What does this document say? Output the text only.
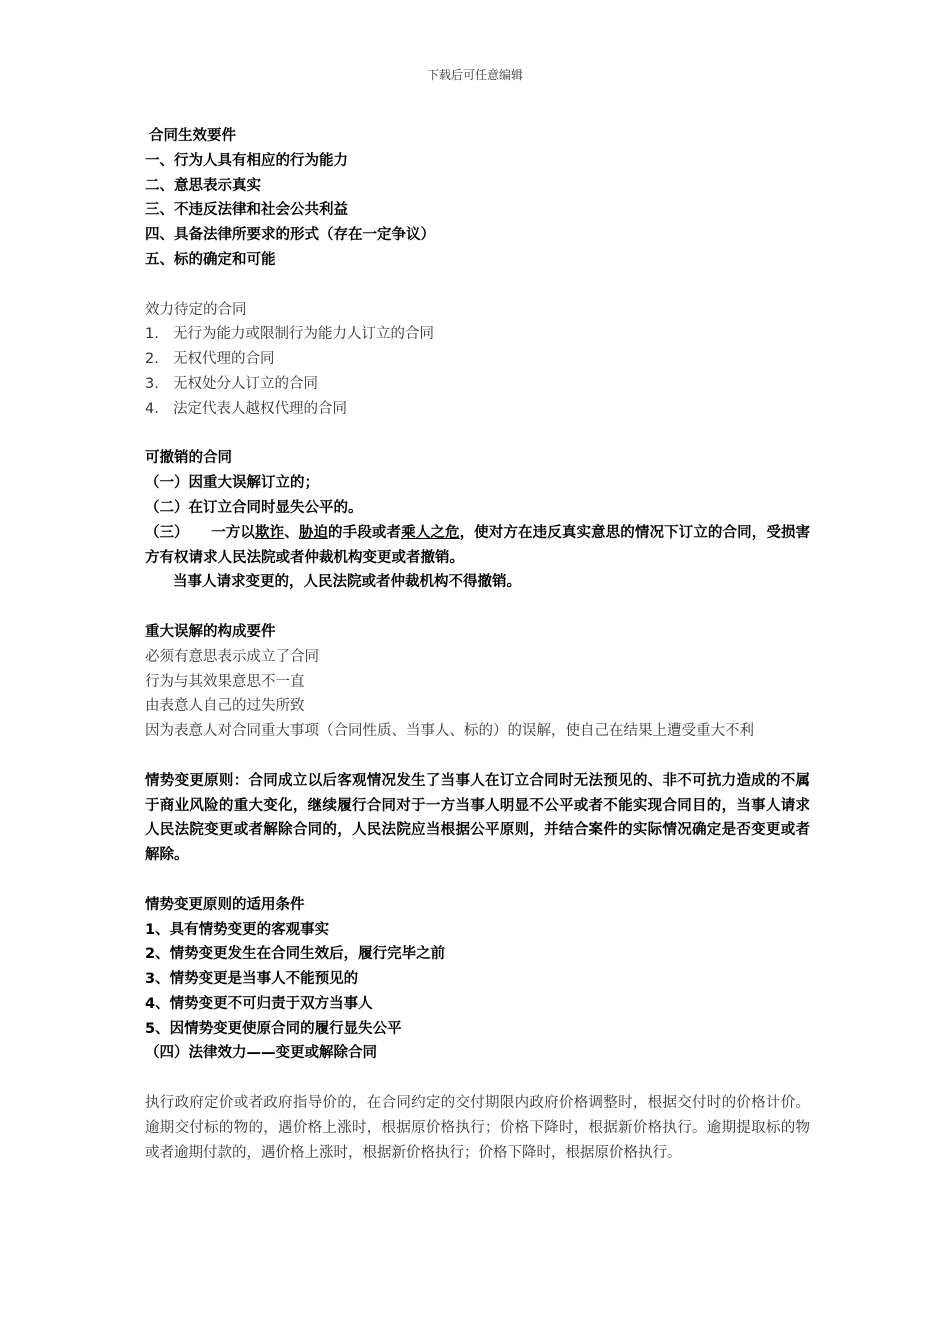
下载后可任意编辑
合同生效要件
一、行为人具有相应的行为能力
二、意思表示真实
三、不违反法律和社会公共利益
四、具备法律所要求的形式（存在一定争议）
五、标的确定和可能
效力待定的合同
1. 无行为能力或限制行为能力人订立的合同
2. 无权代理的合同
3. 无权处分人订立的合同
4. 法定代表人越权代理的合同
可撤销的合同
（一）因重大误解订立的；
（二）在订立合同时显失公平的。
（三） 一方以欺诈、胁迫的手段或者乘人之危，使对方在违反真实意思的情况下订立的合同，受损害方有权请求人民法院或者仲裁机构变更或者撤销。
当事人请求变更的，人民法院或者仲裁机构不得撤销。
重大误解的构成要件
必须有意思表示成立了合同
行为与其效果意思不一直
由表意人自己的过失所致
因为表意人对合同重大事项（合同性质、当事人、标的）的误解，使自己在结果上遭受重大不利
情势变更原则：合同成立以后客观情况发生了当事人在订立合同时无法预见的、非不可抗力造成的不属于商业风险的重大变化，继续履行合同对于一方当事人明显不公平或者不能实现合同目的，当事人请求人民法院变更或者解除合同的，人民法院应当根据公平原则，并结合案件的实际情况确定是否变更或者解除。
情势变更原则的适用条件
1、具有情势变更的客观事实
2、情势变更发生在合同生效后，履行完毕之前
3、情势变更是当事人不能预见的
4、情势变更不可归责于双方当事人
5、因情势变更使原合同的履行显失公平
（四）法律效力——变更或解除合同
执行政府定价或者政府指导价的，在合同约定的交付期限内政府价格调整时，根据交付时的价格计价。逾期交付标的物的，遇价格上涨时，根据原价格执行；价格下降时，根据新价格执行。逾期提取标的物或者逾期付款的，遇价格上涨时，根据新价格执行；价格下降时，根据原价格执行。
